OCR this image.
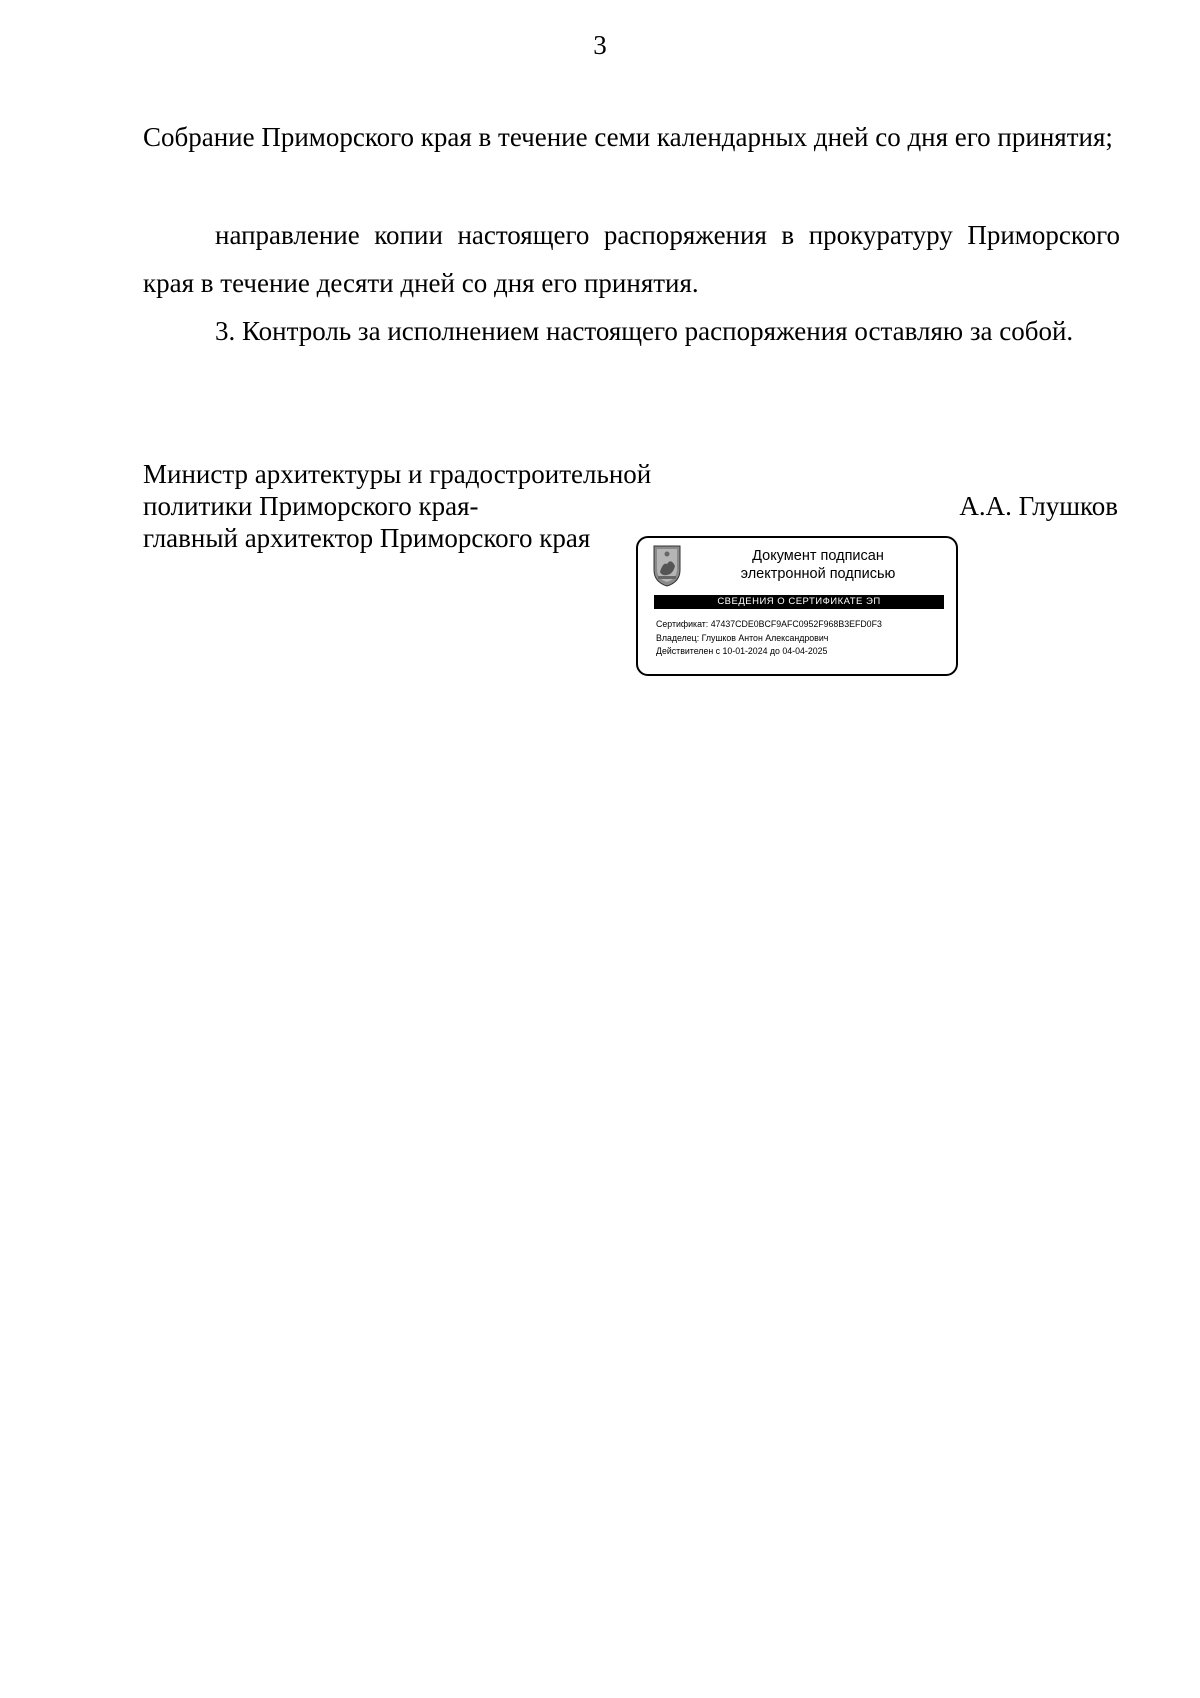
3

Собрание Приморского края в течение семи календарных дней со дня его принятия;

направление копии настоящего распоряжения в прокуратуру Приморского края в течение десяти дней со дня его принятия.

3. Контроль за исполнением настоящего распоряжения оставляю за собой.

Министр архитектуры и градостроительной
политики Приморского края-
главный архитектор Приморского края
А.А. Глушков
Документ подписан
электронной подписью
СВЕДЕНИЯ О СЕРТИФИКАТЕ ЭП
Сертификат: 47437CDE0BCF9AFC0952F968B3EFD0F3
Владелец: Глушков Антон Александрович
Действителен с 10-01-2024 до 04-04-2025
